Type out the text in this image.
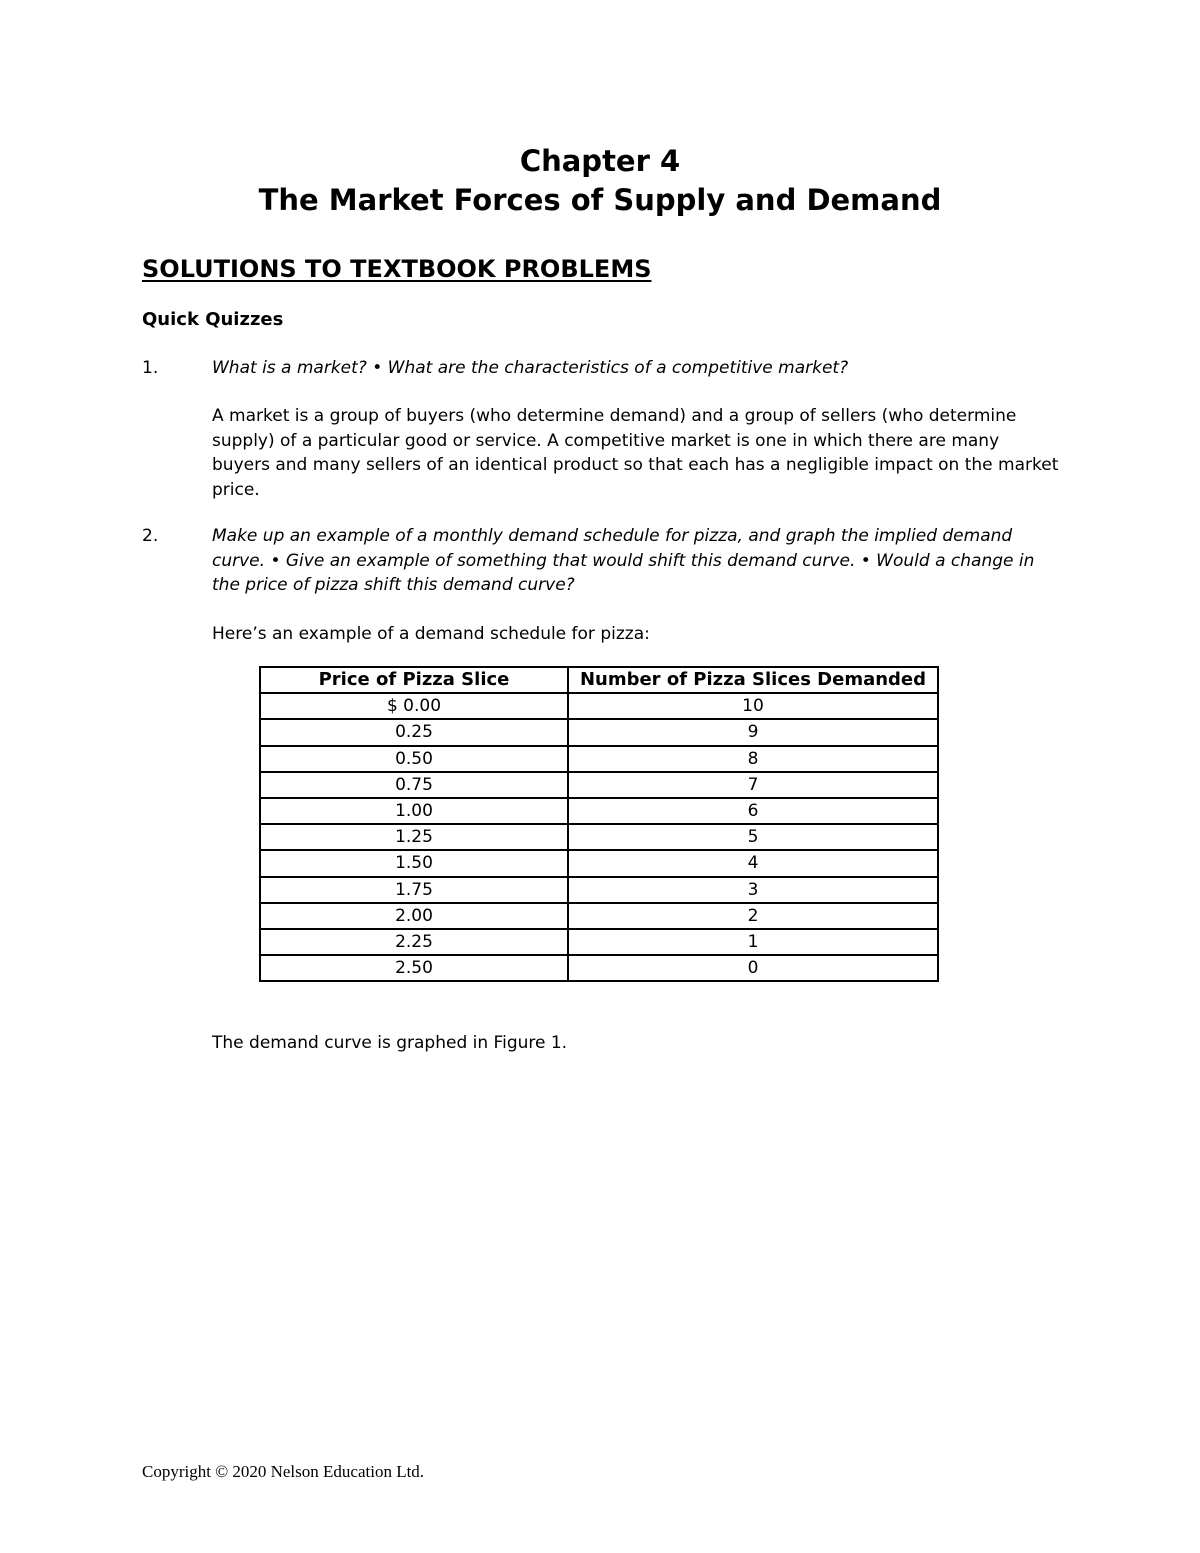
Chapter 4
The Market Forces of Supply and Demand
SOLUTIONS TO TEXTBOOK PROBLEMS
Quick Quizzes
1.	What is a market? • What are the characteristics of a competitive market?
A market is a group of buyers (who determine demand) and a group of sellers (who determine supply) of a particular good or service. A competitive market is one in which there are many buyers and many sellers of an identical product so that each has a negligible impact on the market price.
2.	Make up an example of a monthly demand schedule for pizza, and graph the implied demand curve. • Give an example of something that would shift this demand curve. • Would a change in the price of pizza shift this demand curve?
Here’s an example of a demand schedule for pizza:
Price of Pizza Slice	Number of Pizza Slices Demanded
$ 0.00	10
0.25	9
0.50	8
0.75	7
1.00	6
1.25	5
1.50	4
1.75	3
2.00	2
2.25	1
2.50	0
The demand curve is graphed in Figure 1.
Copyright © 2020 Nelson Education Ltd.
